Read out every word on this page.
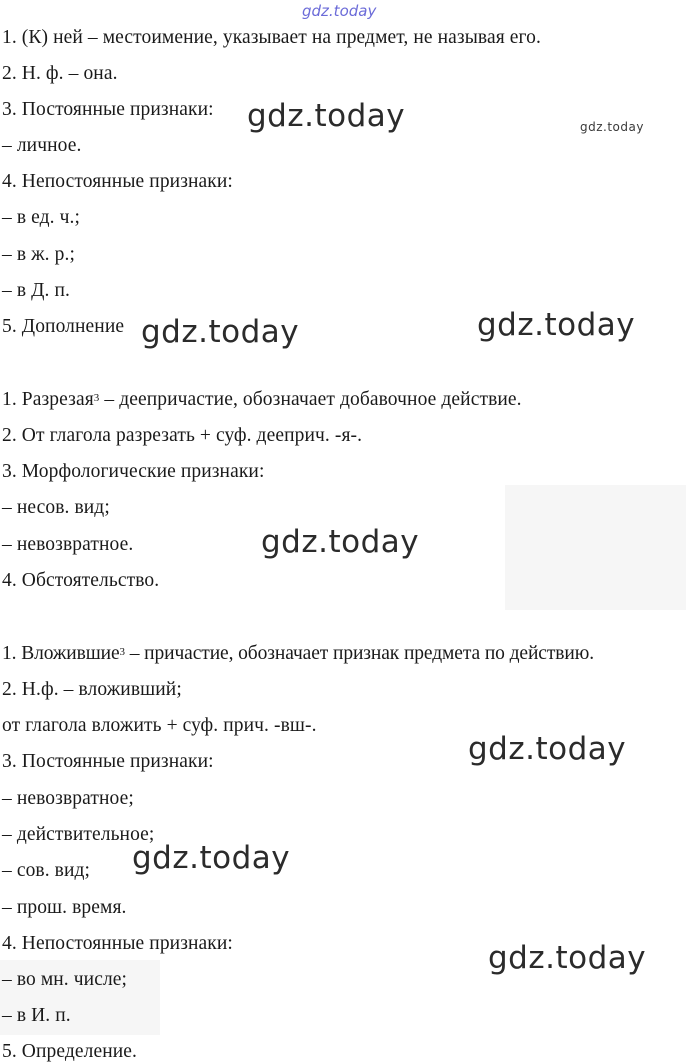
gdz.today
1. (К) ней – местоимение, указывает на предмет, не называя его.
2. Н. ф. – она.
3. Постоянные признаки:
– личное.
4. Непостоянные признаки:
– в ед. ч.;
– в ж. р.;
– в Д. п.
5. Дополнение
1. Разрезая$^3$ – деепричастие, обозначает добавочное действие.
2. От глагола разрезать + суф. дееприч. -я-.
3. Морфологические признаки:
– несов. вид;
– невозвратное.
4. Обстоятельство.
1. Вложившие$^3$ – причастие, обозначает признак предмета по действию.
2. Н.ф. – вложивший;
от глагола вложить + суф. прич. -вш-.
3. Постоянные признаки:
– невозвратное;
– действительное;
– сов. вид;
– прош. время.
4. Непостоянные признаки:
– во мн. числе;
– в И. п.
5. Определение.
gdz.today	gdz.today
gdz.today	gdz.today
gdz.today
gdz.today
gdz.today
gdz.today
